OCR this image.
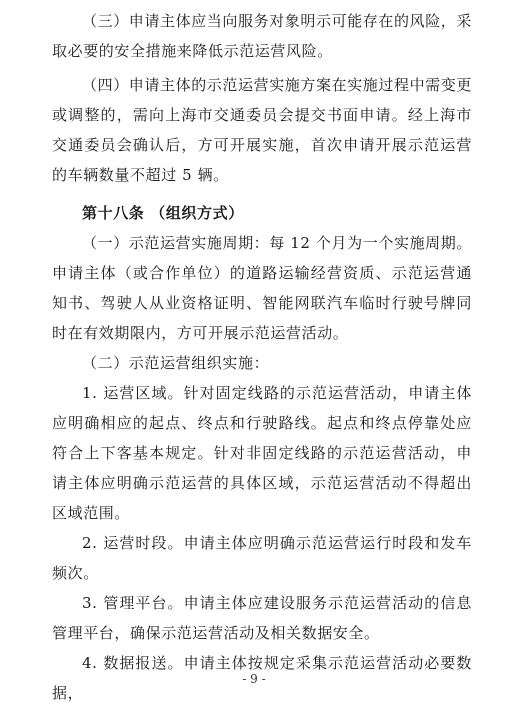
（三）申请主体应当向服务对象明示可能存在的风险，采取必要的安全措施来降低示范运营风险。

（四）申请主体的示范运营实施方案在实施过程中需变更或调整的，需向上海市交通委员会提交书面申请。经上海市交通委员会确认后，方可开展实施，首次申请开展示范运营的车辆数量不超过 5 辆。

第十八条 （组织方式）

（一）示范运营实施周期：每 12 个月为一个实施周期。申请主体（或合作单位）的道路运输经营资质、示范运营通知书、驾驶人从业资格证明、智能网联汽车临时行驶号牌同时在有效期限内，方可开展示范运营活动。

（二）示范运营组织实施：

1. 运营区域。针对固定线路的示范运营活动，申请主体应明确相应的起点、终点和行驶路线。起点和终点停靠处应符合上下客基本规定。针对非固定线路的示范运营活动，申请主体应明确示范运营的具体区域，示范运营活动不得超出区域范围。

2. 运营时段。申请主体应明确示范运营运行时段和发车频次。

3. 管理平台。申请主体应建设服务示范运营活动的信息管理平台，确保示范运营活动及相关数据安全。

4. 数据报送。申请主体按规定采集示范运营活动必要数据，

- 9 -
